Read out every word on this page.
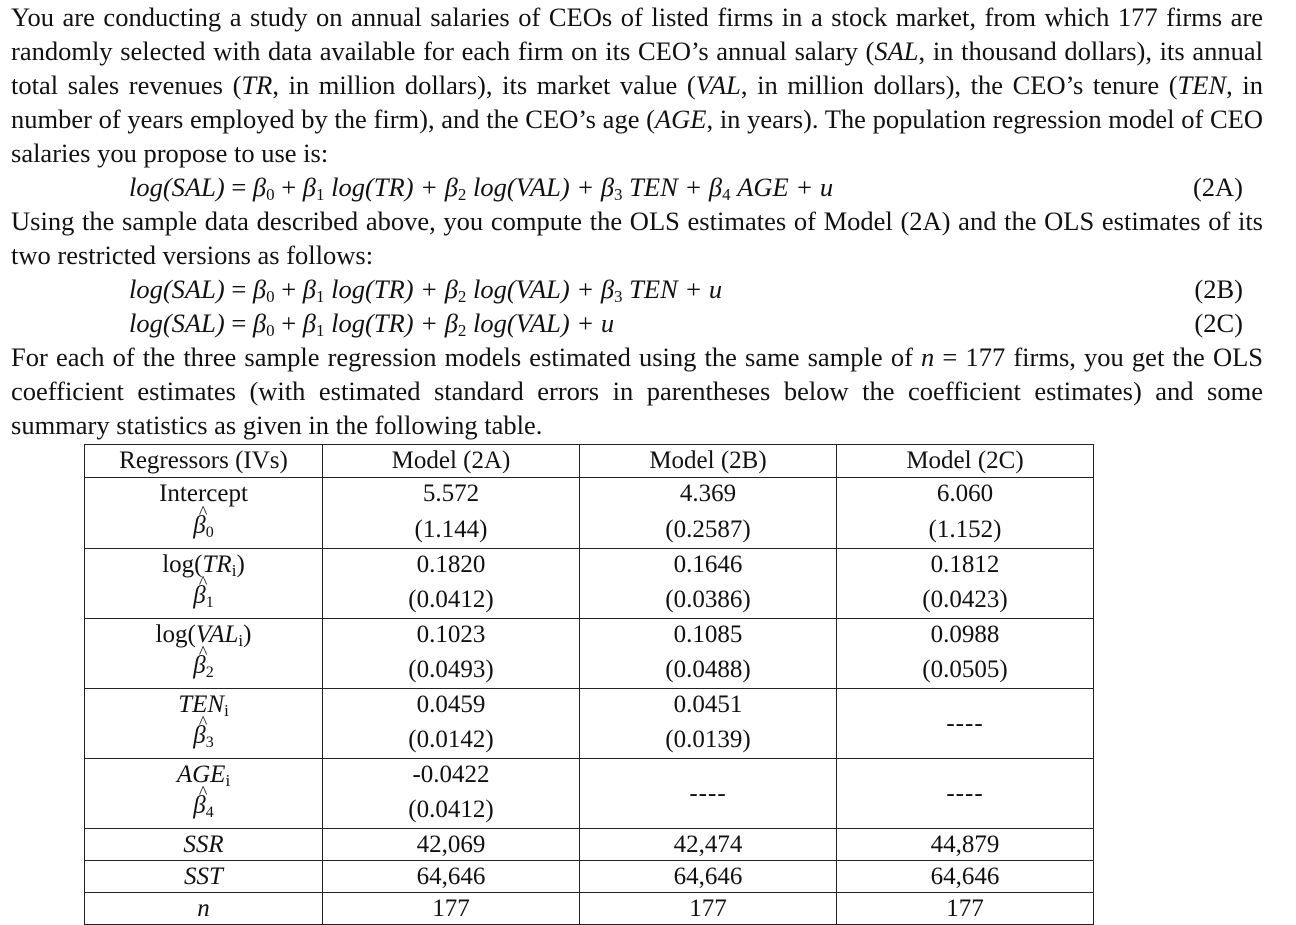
You are conducting a study on annual salaries of CEOs of listed firms in a stock market, from which 177 firms are randomly selected with data available for each firm on its CEO’s annual salary (SAL, in thousand dollars), its annual total sales revenues (TR, in million dollars), its market value (VAL, in million dollars), the CEO’s tenure (TEN, in number of years employed by the firm), and the CEO’s age (AGE, in years). The population regression model of CEO salaries you propose to use is:

$\log(SAL) = \beta_0 + \beta_1$ $\log(TR) + \beta_2$ $\log(VAL) + \beta_3$ TEN + $\beta_4$ AGE + u	(2A)

Using the sample data described above, you compute the OLS estimates of Model (2A) and the OLS estimates of its two restricted versions as follows:

$\log(SAL) = \beta_0 + \beta_1$ $\log(TR) + \beta_2$ $\log(VAL) + \beta_3$ TEN + u	(2B)
$\log(SAL) = \beta_0 + \beta_1$ $\log(TR) + \beta_2$ log(VAL) + u	(2C)

For each of the three sample regression models estimated using the same sample of n = 177 firms, you get the OLS coefficient estimates (with estimated standard errors in parentheses below the coefficient estimates) and some summary statistics as given in the following table.

Regressors (IVs)	Model (2A)	Model (2B)	Model (2C)
Intercept	5.572	4.369	6.060
^ $\beta_0$	(1.144)	(0.2587)	(1.152)
$\log(TR_i)$	0.1820	0.1646	0.1812
^ $\beta_1$	(0.0412)	(0.0386)	(0.0423)
$\log(VAL_i)$	0.1023	0.1085	0.0988
^ $\beta_2$	(0.0493)	(0.0488)	(0.0505)
$TEN_i$	0.0459	0.0451	----
^ $\beta_3$	(0.0142)	(0.0139)	
$AGE_i$	-0.0422	----	----
^ $\beta_4$	(0.0412)		
SSR	42,069	42,474	44,879
SST	64,646	64,646	64,646
n	177	177	177
